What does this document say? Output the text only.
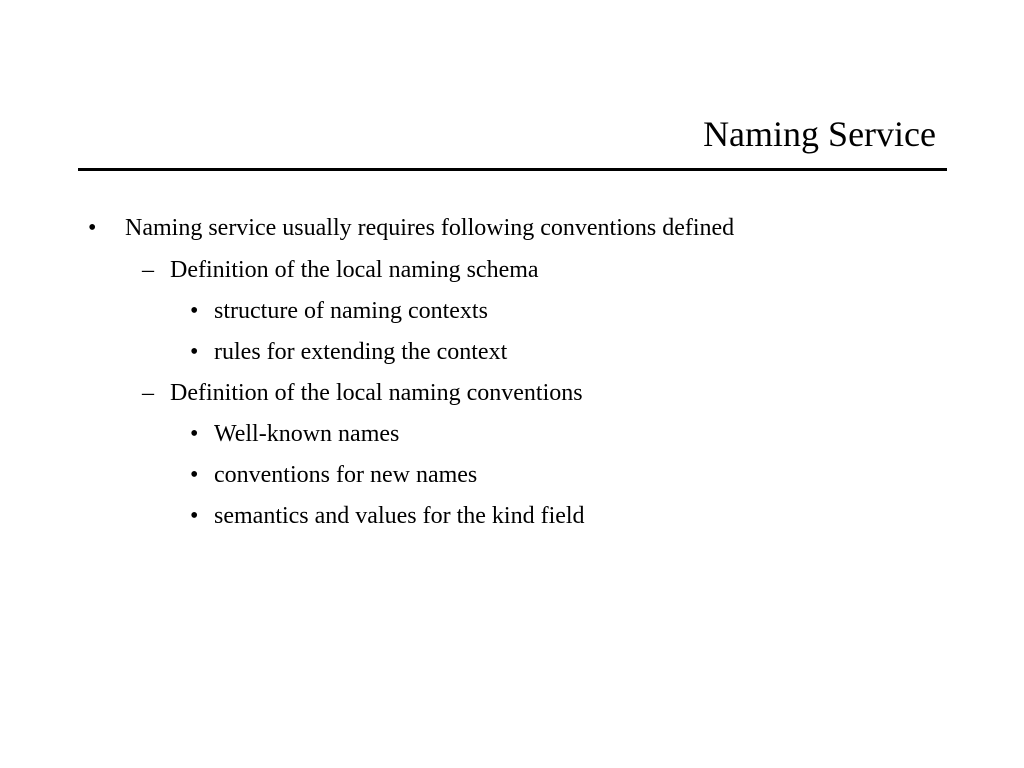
Naming Service
• Naming service usually requires following conventions defined
– Definition of the local naming schema
• structure of naming contexts
• rules for extending the context
– Definition of the local naming conventions
• Well-known names
• conventions for new names
• semantics and values for the kind field
